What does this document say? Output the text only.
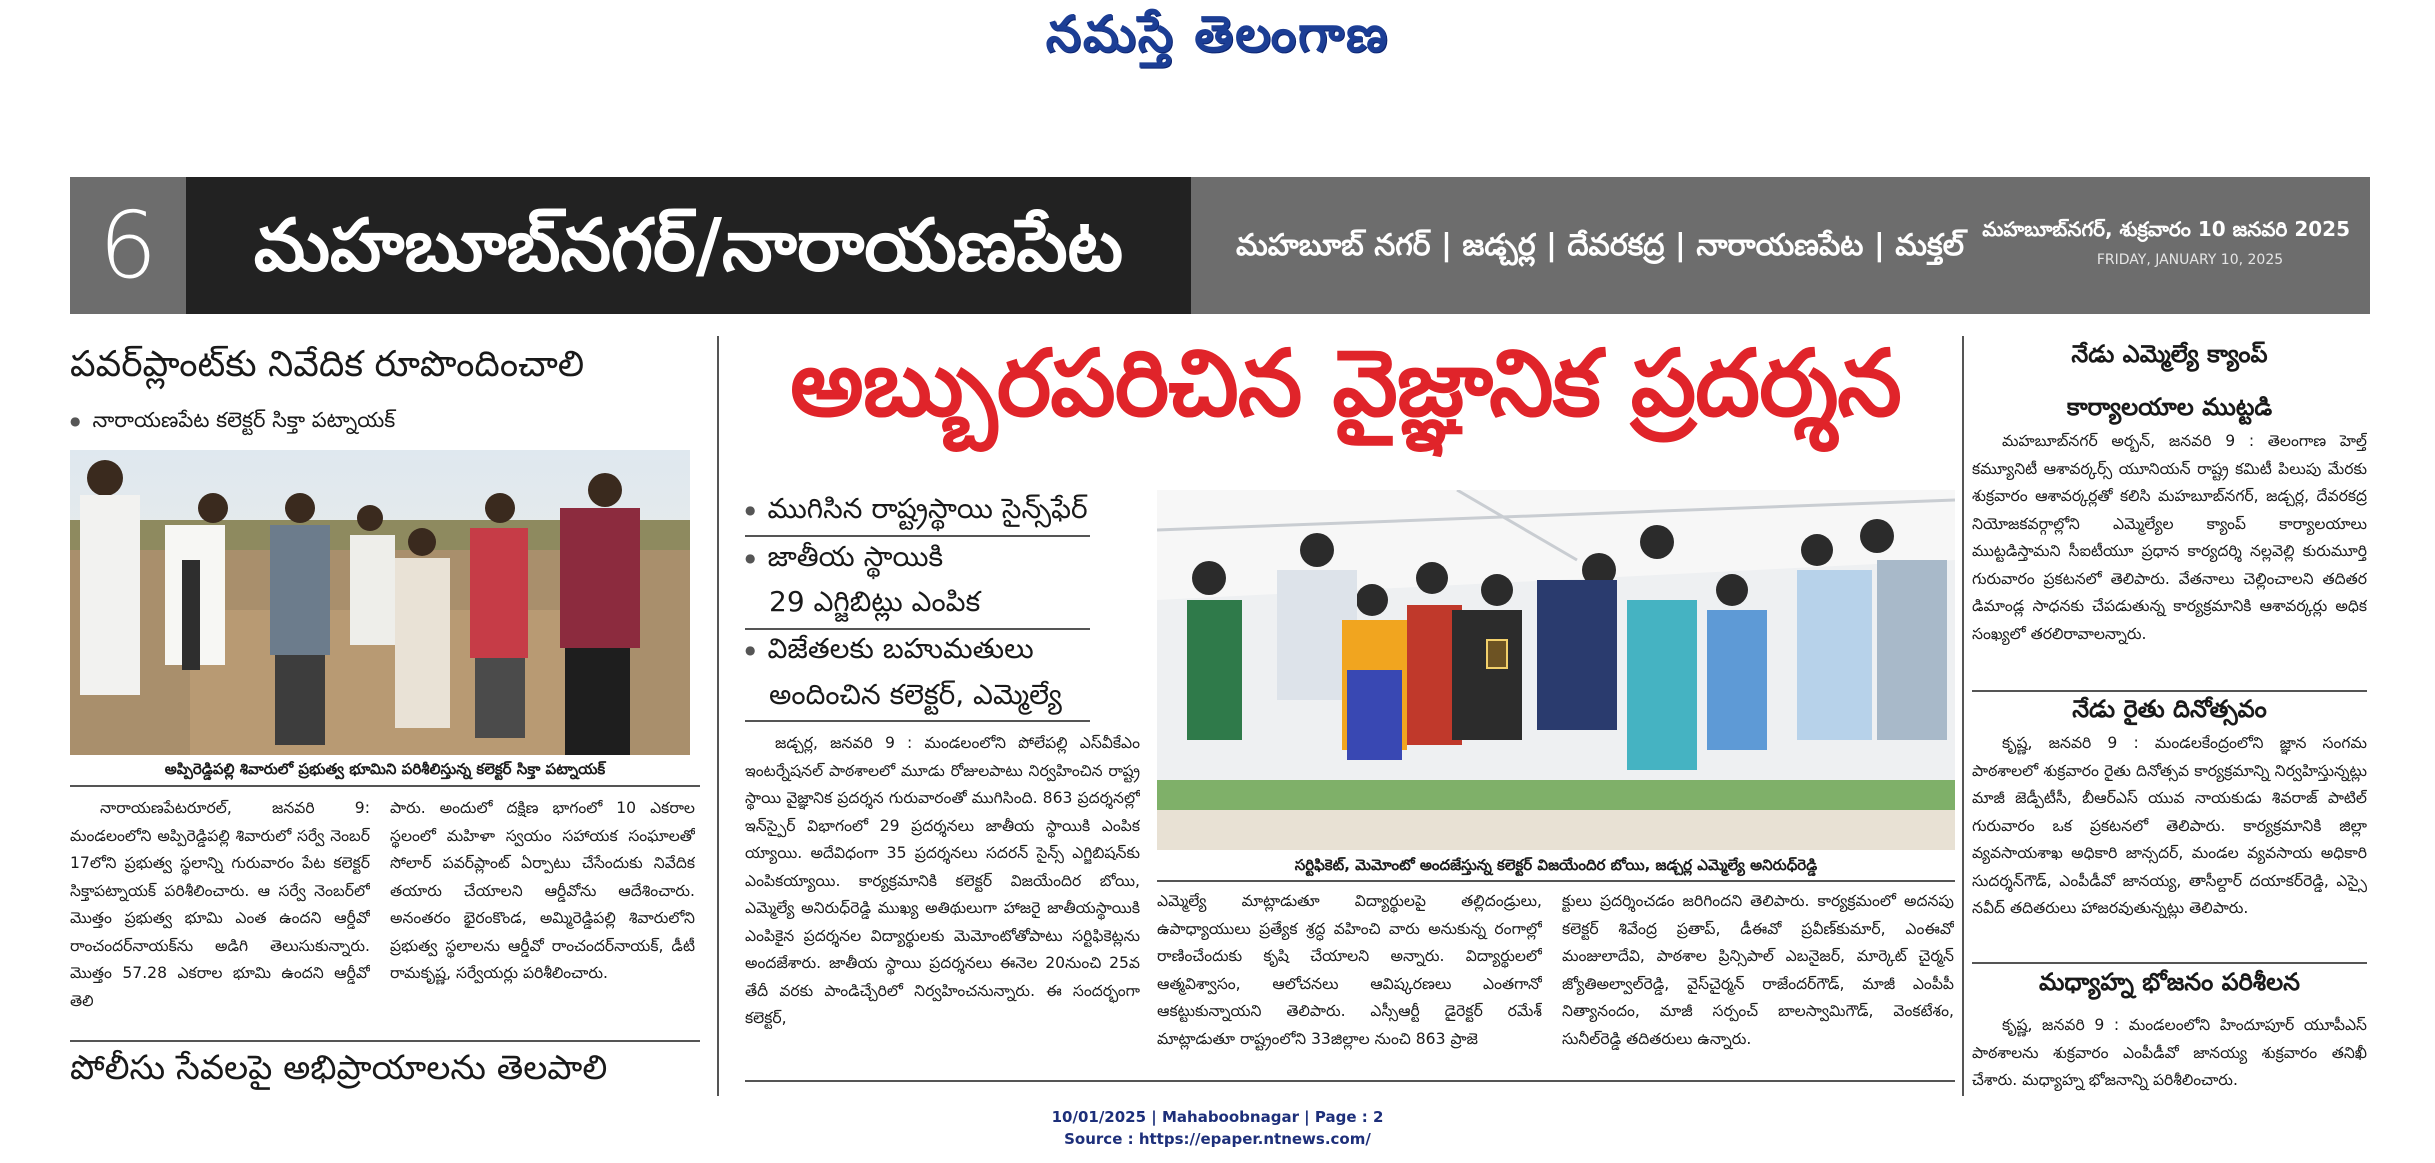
నమస్తే తెలంగాణ
6	మహబూబ్‌నగర్/నారాయణపేట	మహబూబ్ నగర్ | జడ్చర్ల | దేవరకద్ర | నారాయణపేట | మక్తల్ మహబూబ్‌నగర్, శుక్రవారం 10 జనవరి 2025
FRIDAY, JANUARY 10, 2025
పవర్‌ప్లాంట్‌కు నివేదిక రూపొందించాలి
● నారాయణపేట కలెక్టర్ సిక్తా పట్నాయక్
అప్పిరెడ్డిపల్లి శివారులో ప్రభుత్వ భూమిని పరిశీలిస్తున్న కలెక్టర్ సిక్తా పట్నాయక్

నారాయణపేటరూరల్, జనవరి 9: మండలంలోని అప్పిరెడ్డిపల్లి శివారులో సర్వే నెంబర్ 17లోని ప్రభుత్వ స్థలాన్ని గురువారం పేట కలెక్టర్ సిక్తాపట్నాయక్ పరిశీలించారు. ఆ సర్వే నెంబర్‌లో మొత్తం ప్రభుత్వ భూమి ఎంత ఉందని ఆర్డీవో రాంచందర్‌నాయక్‌ను అడిగి తెలుసుకున్నారు. మొత్తం 57.28 ఎకరాల భూమి ఉందని ఆర్డీవో తెలి

పారు. అందులో దక్షిణ భాగంలో 10 ఎకరాల స్థలంలో మహిళా స్వయం సహాయక సంఘాలతో సోలార్ పవర్‌ప్లాంట్ ఏర్పాటు చేసేందుకు నివేదిక తయారు చేయాలని ఆర్డీవోను ఆదేశించారు. అనంతరం భైరంకొండ, అమ్మిరెడ్డిపల్లి శివారులోని ప్రభుత్వ స్థలాలను ఆర్డీవో రాంచందర్‌నాయక్, డీటీ రామకృష్ణ, సర్వేయర్లు పరిశీలించారు.

పోలీసు సేవలపై అభిప్రాయాలను తెలపాలి
అబ్బురపరిచిన వైజ్ఞానిక ప్రదర్శన
● ముగిసిన రాష్ట్రస్థాయి సైన్స్‌ఫేర్
● జాతీయ స్థాయికి
29 ఎగ్జిబిట్లు ఎంపిక
● విజేతలకు బహుమతులు
అందించిన కలెక్టర్, ఎమ్మెల్యే

జడ్చర్ల, జనవరి 9 : మండలంలోని పోలేపల్లి ఎస్‌వీకేఎం ఇంటర్నేషనల్ పాఠశాలలో మూడు రోజులపాటు నిర్వహించిన రాష్ట్ర స్థాయి వైజ్ఞానిక ప్రదర్శన గురువారంతో ముగిసింది. 863 ప్రదర్శనల్లో ఇన్‌స్పైర్ విభాగంలో 29 ప్రదర్శనలు జాతీయ స్థాయికి ఎంపిక య్యాయి. అదేవిధంగా 35 ప్రదర్శనలు సదరన్ సైన్స్ ఎగ్జిబిషన్‌కు ఎంపికయ్యాయి. కార్యక్రమానికి కలెక్టర్ విజయేందిర బోయి, ఎమ్మెల్యే అనిరుధ్‌రెడ్డి ముఖ్య అతిథులుగా హాజరై జాతీయస్థాయికి ఎంపికైన ప్రదర్శనల విద్యార్థులకు మెమోంటోతోపాటు సర్టిఫికెట్లను అందజేశారు. జాతీయ స్థాయి ప్రదర్శనలు ఈనెల 20నుంచి 25వ తేదీ వరకు పాండిచ్చేరిలో నిర్వహించనున్నారు. ఈ సందర్భంగా కలెక్టర్,

సర్టిఫికెట్, మెమోంటో అందజేస్తున్న కలెక్టర్ విజయేందిర బోయి, జడ్చర్ల ఎమ్మెల్యే అనిరుధ్‌రెడ్డి

ఎమ్మెల్యే మాట్లాడుతూ విద్యార్థులపై తల్లిదండ్రులు, ఉపాధ్యాయులు ప్రత్యేక శ్రద్ధ వహించి వారు అనుకున్న రంగాల్లో రాణించేందుకు కృషి చేయాలని అన్నారు. విద్యార్థులలో ఆత్మవిశ్వాసం, ఆలోచనలు ఆవిష్కరణలు ఎంతగానో ఆకట్టుకున్నాయని తెలిపారు. ఎస్సీఆర్టీ డైరెక్టర్ రమేశ్ మాట్లాడుతూ రాష్ట్రంలోని 33జిల్లాల నుంచి 863 ప్రాజె

క్టులు ప్రదర్శించడం జరిగిందని తెలిపారు. కార్యక్రమంలో అదనపు కలెక్టర్ శివేంద్ర ప్రతాప్, డీఈవో ప్రవీణ్‌కుమార్, ఎంఈవో మంజులాదేవి, పాఠశాల ప్రిన్సిపాల్ ఎబనైజర్, మార్కెట్ చైర్మన్ జ్యోతిఅల్వాల్‌రెడ్డి, వైస్‌చైర్మన్ రాజేందర్‌గౌడ్, మాజీ ఎంపీపీ నిత్యానందం, మాజీ సర్పంచ్ బాలస్వామిగౌడ్, వెంకటేశం, సునీల్‌రెడ్డి తదితరులు ఉన్నారు.

నేడు ఎమ్మెల్యే క్యాంప్
కార్యాలయాల ముట్టడి

మహబూబ్‌నగర్ అర్బన్, జనవరి 9 : తెలంగాణ హెల్త్ కమ్యూనిటీ ఆశావర్కర్స్ యూనియన్ రాష్ట్ర కమిటీ పిలుపు మేరకు శుక్రవారం ఆశావర్కర్లతో కలిసి మహబూబ్‌నగర్, జడ్చర్ల, దేవరకద్ర నియోజకవర్గాల్లోని ఎమ్మెల్యేల క్యాంప్ కార్యాలయాలు ముట్టడిస్తామని సీఐటీయూ ప్రధాన కార్యదర్శి నల్లవెల్లి కురుమూర్తి గురువారం ప్రకటనలో తెలిపారు. వేతనాలు చెల్లించాలని తదితర డిమాండ్ల సాధనకు చేపడుతున్న కార్యక్రమానికి ఆశావర్కర్లు అధిక సంఖ్యలో తరలిరావాలన్నారు.

నేడు రైతు దినోత్సవం

కృష్ణ, జనవరి 9 : మండలకేంద్రంలోని జ్ఞాన సంగమ పాఠశాలలో శుక్రవారం రైతు దినోత్సవ కార్యక్రమాన్ని నిర్వహిస్తున్నట్లు మాజీ జెడ్పీటీసీ, బీఆర్‌ఎస్ యువ నాయకుడు శివరాజ్ పాటిల్ గురువారం ఒక ప్రకటనలో తెలిపారు. కార్యక్రమానికి జిల్లా వ్యవసాయశాఖ అధికారి జాన్సదర్, మండల వ్యవసాయ అధికారి సుదర్శన్‌గౌడ్, ఎంపీడీవో జానయ్య, తాసీల్దార్ దయాకర్‌రెడ్డి, ఎస్సై నవీద్ తదితరులు హాజరవుతున్నట్లు తెలిపారు.

మధ్యాహ్న భోజనం పరిశీలన

కృష్ణ, జనవరి 9 : మండలంలోని హిందూపూర్ యూపీఎస్ పాఠశాలను శుక్రవారం ఎంపీడీవో జానయ్య శుక్రవారం తనిఖీ చేశారు. మధ్యాహ్న భోజనాన్ని పరిశీలించారు.

10/01/2025 | Mahaboobnagar | Page : 2
Source : https://epaper.ntnews.com/
